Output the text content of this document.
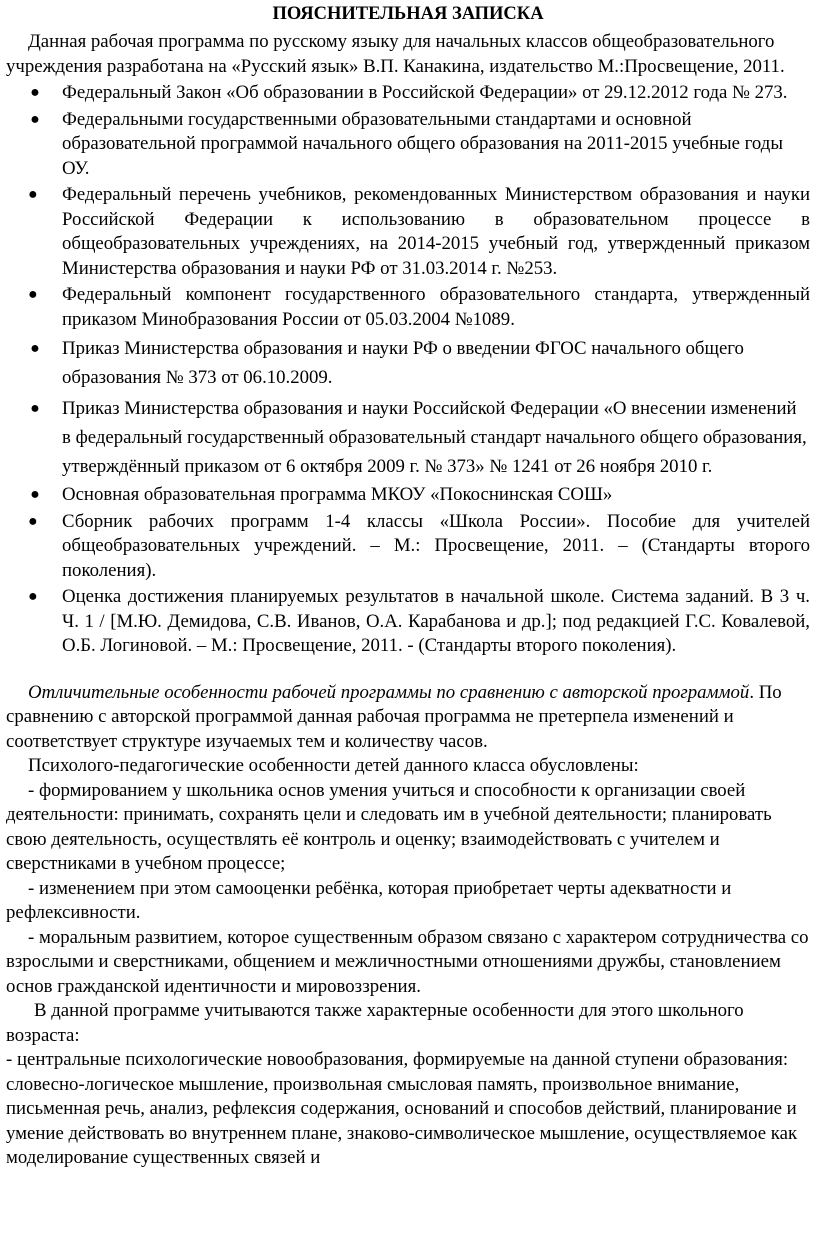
ПОЯСНИТЕЛЬНАЯ ЗАПИСКА

Данная рабочая программа по русскому языку для начальных классов общеобразовательного учреждения разработана на «Русский язык» В.П. Канакина, издательство М.:Просвещение, 2011.

● Федеральный Закон «Об образовании в Российской Федерации» от 29.12.2012 года № 273.
● Федеральными государственными образовательными стандартами и основной образовательной программой начального общего образования на 2011-2015 учебные годы ОУ.
● Федеральный перечень учебников, рекомендованных Министерством образования и науки Российской Федерации к использованию в образовательном процессе в общеобразовательных учреждениях, на 2014-2015 учебный год, утвержденный приказом Министерства образования и науки РФ от 31.03.2014 г. №253.
● Федеральный компонент государственного образовательного стандарта, утвержденный приказом Минобразования России от 05.03.2004 №1089.
● Приказ Министерства образования и науки РФ о введении ФГОС начального общего образования № 373 от 06.10.2009.
● Приказ Министерства образования и науки Российской Федерации «О внесении изменений в федеральный государственный образовательный стандарт начального общего образования, утверждённый приказом от 6 октября 2009 г. № 373» № 1241 от 26 ноября 2010 г.
● Основная образовательная программа МКОУ «Покоснинская СОШ»
● Сборник рабочих программ 1-4 классы «Школа России». Пособие для учителей общеобразовательных учреждений. – М.: Просвещение, 2011. – (Стандарты второго поколения).
● Оценка достижения планируемых результатов в начальной школе. Система заданий. В 3 ч. Ч. 1 / [М.Ю. Демидова, С.В. Иванов, О.А. Карабанова и др.]; под редакцией Г.С. Ковалевой, О.Б. Логиновой. – М.: Просвещение, 2011. - (Стандарты второго поколения).

Отличительные особенности рабочей программы по сравнению с авторской программой. По сравнению с авторской программой данная рабочая программа не претерпела изменений и соответствует структуре изучаемых тем и количеству часов.

Психолого-педагогические особенности детей данного класса обусловлены:

- формированием у школьника основ умения учиться и способности к организации своей деятельности: принимать, сохранять цели и следовать им в учебной деятельности; планировать свою деятельность, осуществлять её контроль и оценку; взаимодействовать с учителем и сверстниками в учебном процессе;

- изменением при этом самооценки ребёнка, которая приобретает черты адекватности и рефлексивности.

- моральным развитием, которое существенным образом связано с характером сотрудничества со взрослыми и сверстниками, общением и межличностными отношениями дружбы, становлением основ гражданской идентичности и мировоззрения.

В данной программе учитываются также характерные особенности для этого школьного возраста:

- центральные психологические новообразования, формируемые на данной ступени образования: словесно-логическое мышление, произвольная смысловая память, произвольное внимание, письменная речь, анализ, рефлексия содержания, оснований и способов действий, планирование и умение действовать во внутреннем плане, знаково-символическое мышление, осуществляемое как моделирование существенных связей и
